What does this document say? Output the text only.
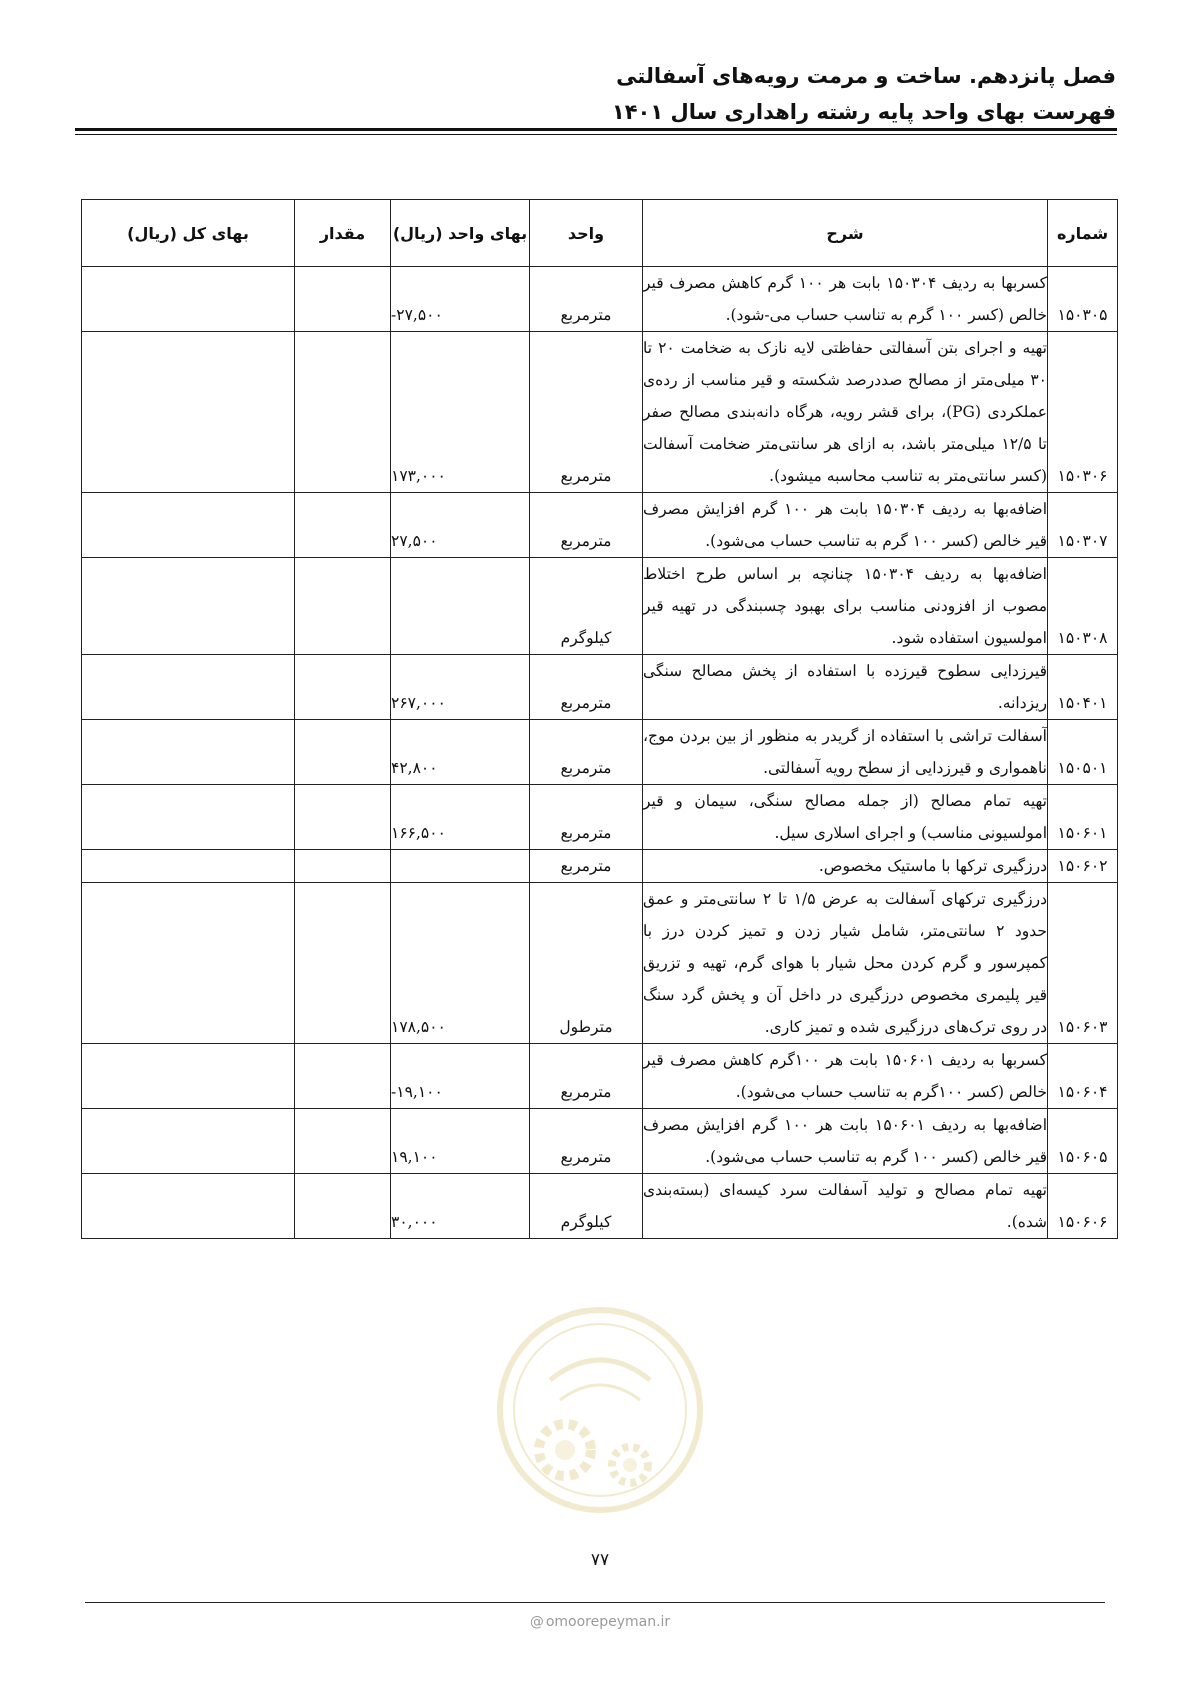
فصل پانزدهم. ساخت و مرمت رویه‌های آسفالتی
فهرست بهای واحد پایه رشته راهداری سال ۱۴۰۱
شماره	شرح	واحد	بهای واحد (ریال)	مقدار	بهای کل (ریال)
۱۵۰۳۰۵	کسربها به ردیف ۱۵۰۳۰۴ بابت هر ۱۰۰ گرم کاهش مصرف قیر خالص (کسر ۱۰۰ گرم به تناسب حساب می-شود).	مترمربع	-۲۷,۵۰۰		
۱۵۰۳۰۶	تهیه و اجرای بتن آسفالتی حفاظتی لایه نازک به ضخامت ۲۰ تا ۳۰ میلی‌متر از مصالح صددرصد شکسته و قیر مناسب از رده‌ی عملکردی (PG)، برای قشر رویه، هرگاه دانه‌بندی مصالح صفر تا ۱۲/۵ میلی‌متر باشد، به ازای هر سانتی‌متر ضخامت آسفالت (کسر سانتی‌متر به تناسب محاسبه میشود).	مترمربع	۱۷۳,۰۰۰		
۱۵۰۳۰۷	اضافه‌بها به ردیف ۱۵۰۳۰۴ بابت هر ۱۰۰ گرم افزایش مصرف قیر خالص (کسر ۱۰۰ گرم به تناسب حساب می‌شود).	مترمربع	۲۷,۵۰۰		
۱۵۰۳۰۸	اضافه‌بها به ردیف ۱۵۰۳۰۴ چنانچه بر اساس طرح اختلاط مصوب از افزودنی مناسب برای بهبود چسبندگی در تهیه قیر امولسیون استفاده شود.	کیلوگرم			
۱۵۰۴۰۱	قیرزدایی سطوح قیرزده با استفاده از پخش مصالح سنگی ریزدانه.	مترمربع	۲۶۷,۰۰۰		
۱۵۰۵۰۱	آسفالت تراشی با استفاده از گریدر به منظور از بین بردن موج، ناهمواری و قیرزدایی از سطح رویه آسفالتی.	مترمربع	۴۲,۸۰۰		
۱۵۰۶۰۱	تهیه تمام مصالح (از جمله مصالح سنگی، سیمان و قیر امولسیونی مناسب) و اجرای اسلاری سیل.	مترمربع	۱۶۶,۵۰۰		
۱۵۰۶۰۲	درزگیری ترکها با ماستیک مخصوص.	مترمربع			
۱۵۰۶۰۳	درزگیری ترکهای آسفالت به عرض ۱/۵ تا ۲ سانتی‌متر و عمق حدود ۲ سانتی‌متر، شامل شیار زدن و تمیز کردن درز با کمپرسور و گرم کردن محل شیار با هوای گرم، تهیه و تزریق قیر پلیمری مخصوص درزگیری در داخل آن و پخش گرد سنگ در روی ترک‌های درزگیری شده و تمیز کاری.	مترطول	۱۷۸,۵۰۰		
۱۵۰۶۰۴	کسربها به ردیف ۱۵۰۶۰۱ بابت هر ۱۰۰گرم کاهش مصرف قیر خالص (کسر ۱۰۰گرم به تناسب حساب می‌شود).	مترمربع	-۱۹,۱۰۰		
۱۵۰۶۰۵	اضافه‌بها به ردیف ۱۵۰۶۰۱ بابت هر ۱۰۰ گرم افزایش مصرف قیر خالص (کسر ۱۰۰ گرم به تناسب حساب می‌شود).	مترمربع	۱۹,۱۰۰		
۱۵۰۶۰۶	تهیه تمام مصالح و تولید آسفالت سرد کیسه‌ای (بسته‌بندی شده).	کیلوگرم	۳۰,۰۰۰		
۷۷
@ omoorepeyman.ir
